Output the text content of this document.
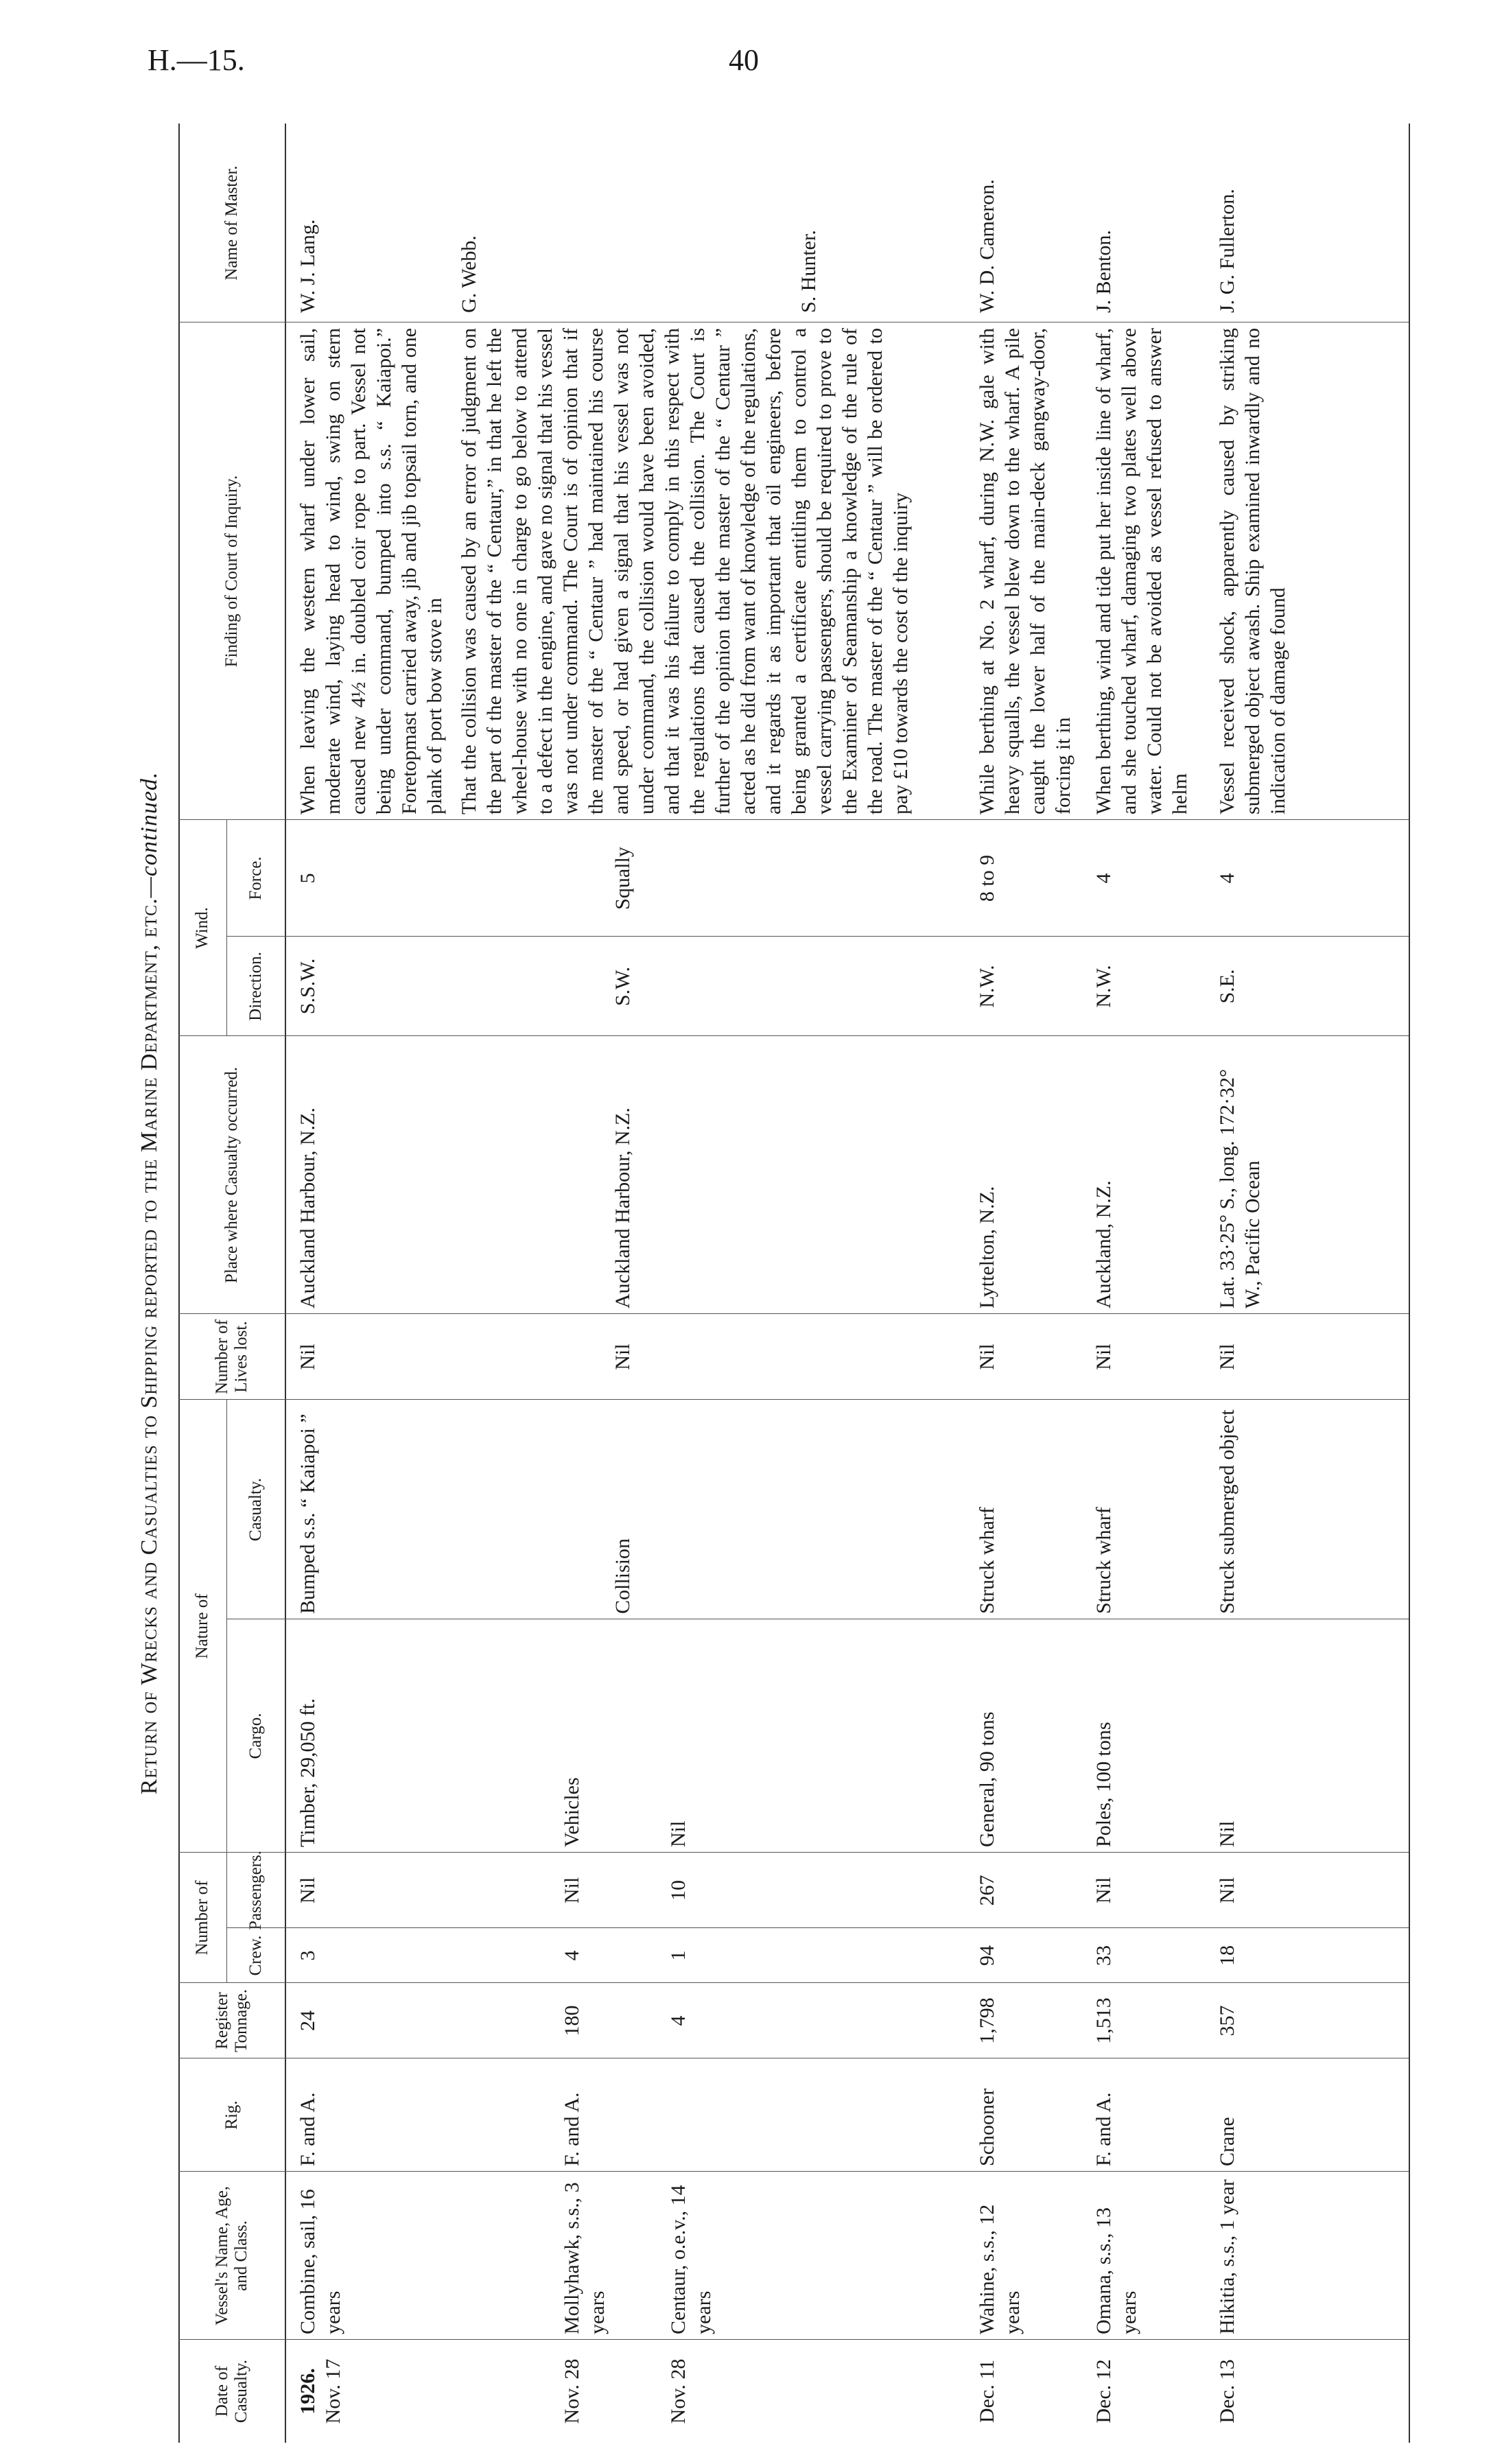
H.—15.	40
Return of Wrecks and Casualties to Shipping reported to the Marine Department, etc.—continued.
Date of Casualty.
Vessel's Name, Age, and Class.
Rig.
Register Tonnage.
Number of
Crew.
Passengers.
Nature of
Cargo.
Casualty.
Number of Lives lost.
Place where Casualty occurred.
Wind.
Direction.
Force.
Finding of Court of Inquiry.
Name of Master.
1926. Nov. 17
Combine, sail, 16 years
F. and A.
24
3
Nil
Timber, 29,050 ft.
Bumped s.s. “ Kaiapoi ”
Nil
Auckland Harbour, N.Z.
S.S.W.
5
When leaving the western wharf under lower sail, moderate wind, laying head to wind, swing on stern caused new 4½ in. doubled coir rope to part. Vessel not being under command, bumped into s.s. “ Kaiapoi.” Foretopmast carried away, jib and jib topsail torn, and one plank of port bow stove in
W. J. Lang.
Nov. 28
Mollyhawk, s.s., 3 years
F. and A.
180
4
Nil
Vehicles
Collision
Nil
Auckland Harbour, N.Z.
S.W.
Squally
That the collision was caused by an error of judgment on the part of the master of the “ Centaur,” in that he left the wheel-house with no one in charge to go below to attend to a defect in the engine, and gave no signal that his vessel was not under command. The Court is of opinion that if the master of the “ Centaur ” had maintained his course and speed, or had given a signal that his vessel was not under command, the collision would have been avoided, and that it was his failure to comply in this respect with the regulations that caused the collision. The Court is further of the opinion that the master of the “ Centaur ” acted as he did from want of knowledge of the regulations, and it regards it as important that oil engineers, before being granted a certificate entitling them to control a vessel carrying passengers, should be required to prove to the Examiner of Seamanship a knowledge of the rule of the road. The master of the “ Centaur ” will be ordered to pay £10 towards the cost of the inquiry
G. Webb.
Nov. 28
Centaur, o.e.v., 14 years
4
1
10
Nil
S. Hunter.
Dec. 11
Wahine, s.s., 12 years
Schooner
1,798
94
267
General, 90 tons
Struck wharf
Nil
Lyttelton, N.Z.
N.W.
8 to 9
While berthing at No. 2 wharf, during N.W. gale with heavy squalls, the vessel blew down to the wharf. A pile caught the lower half of the main-deck gangway-door, forcing it in
W. D. Cameron.
Dec. 12
Omana, s.s., 13 years
F. and A.
1,513
33
Nil
Poles, 100 tons
Struck wharf
Nil
Auckland, N.Z.
N.W.
4
When berthing, wind and tide put her inside line of wharf, and she touched wharf, damaging two plates well above water. Could not be avoided as vessel refused to answer helm
J. Benton.
Dec. 13
Hikitia, s.s., 1 year
Crane
357
18
Nil
Nil
Struck submerged object
Nil
Lat. 33·25° S., long. 172·32° W., Pacific Ocean
S.E.
4
Vessel received shock, apparently caused by striking submerged object awash. Ship examined inwardly and no indication of damage found
J. G. Fullerton.
